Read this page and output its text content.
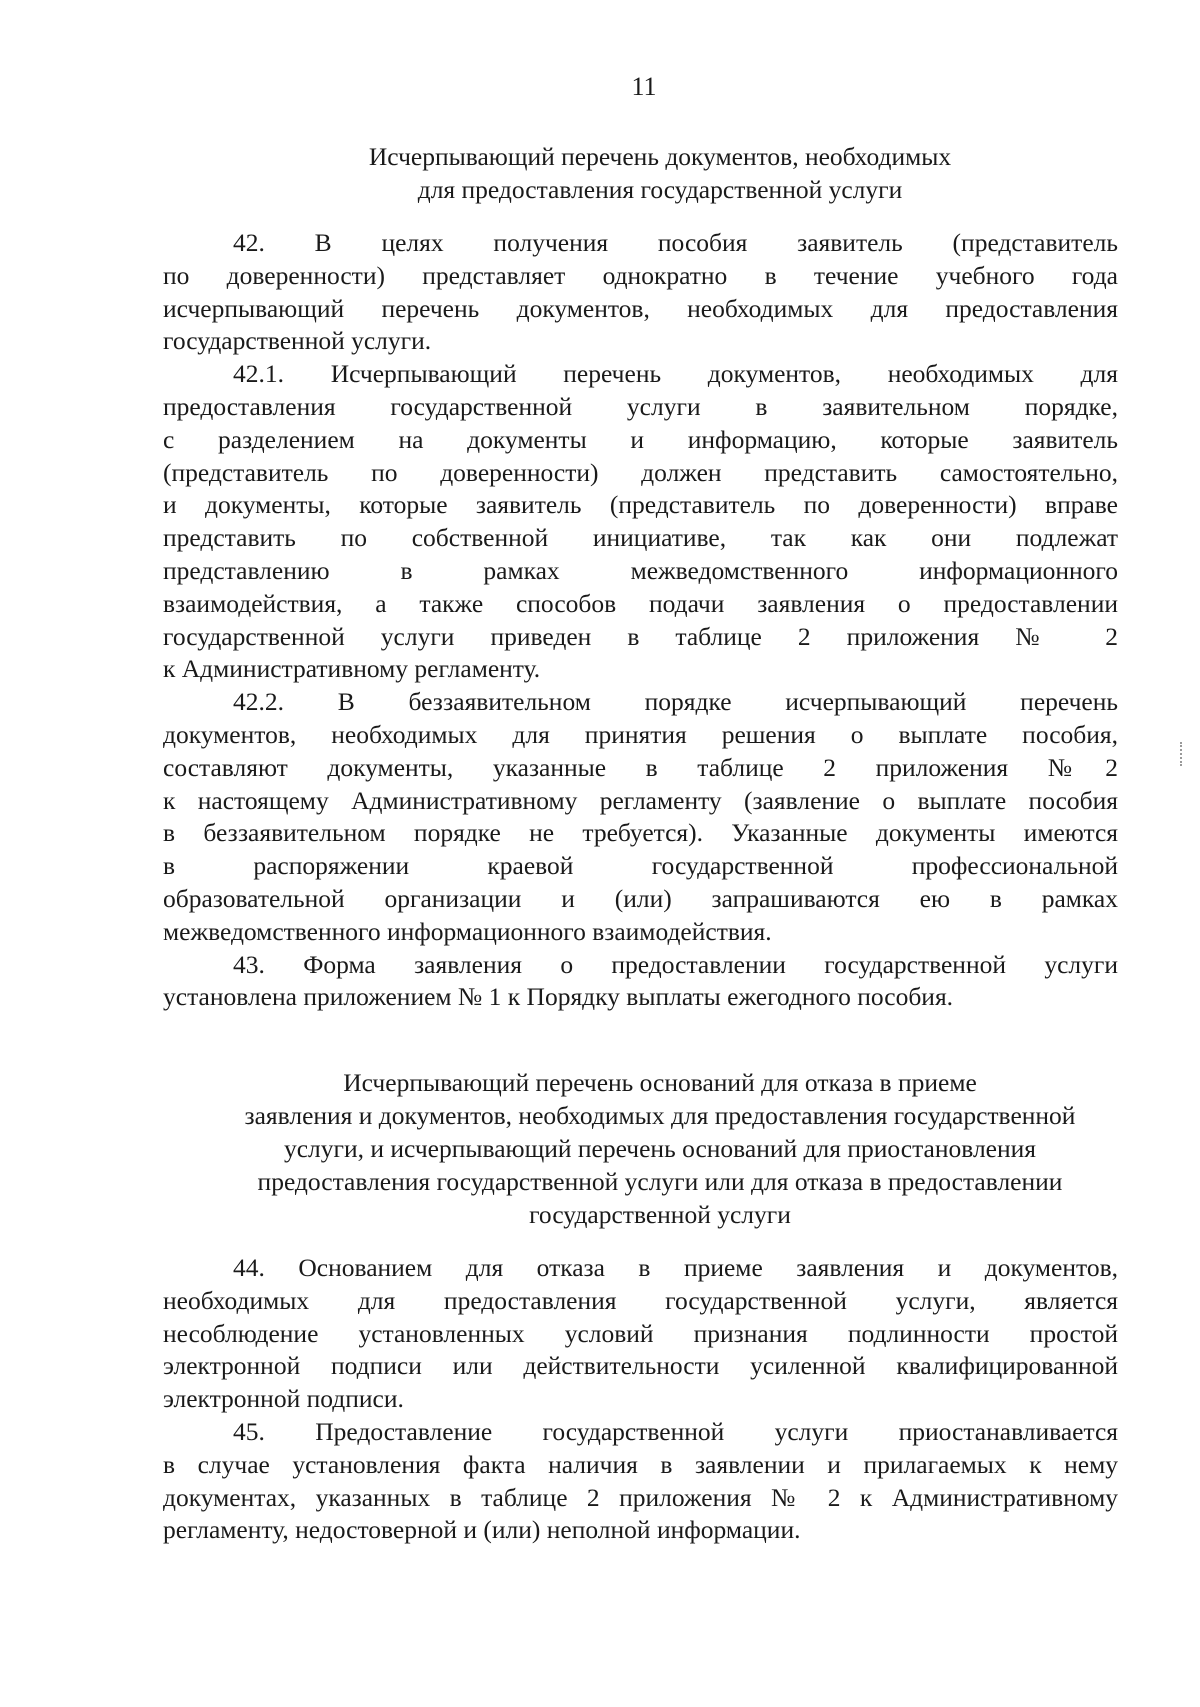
11
Исчерпывающий перечень документов, необходимых
для предоставления государственной услуги

42. В целях получения пособия заявитель (представитель
по доверенности) представляет однократно в течение учебного года
исчерпывающий перечень документов, необходимых для предоставления
государственной услуги.

42.1. Исчерпывающий перечень документов, необходимых для
предоставления государственной услуги в заявительном порядке,
с разделением на документы и информацию, которые заявитель
(представитель по доверенности) должен представить самостоятельно,
и документы, которые заявитель (представитель по доверенности) вправе
представить по собственной инициативе, так как они подлежат
представлению в рамках межведомственного информационного
взаимодействия, а также способов подачи заявления о предоставлении
государственной услуги приведен в таблице 2 приложения № 2
к Административному регламенту.

42.2. В беззаявительном порядке исчерпывающий перечень
документов, необходимых для принятия решения о выплате пособия,
составляют документы, указанные в таблице 2 приложения №2
к настоящему Административному регламенту (заявление о выплате пособия
в беззаявительном порядке не требуется). Указанные документы имеются
в распоряжении краевой государственной профессиональной
образовательной организации и (или) запрашиваются ею в рамках
межведомственного информационного взаимодействия.

43. Форма заявления о предоставлении государственной услуги
установлена приложением № 1 к Порядку выплаты ежегодного пособия.

Исчерпывающий перечень оснований для отказа в приеме
заявления и документов, необходимых для предоставления государственной
услуги, и исчерпывающий перечень оснований для приостановления
предоставления государственной услуги или для отказа в предоставлении
государственной услуги

44. Основанием для отказа в приеме заявления и документов,
необходимых для предоставления государственной услуги, является
несоблюдение установленных условий признания подлинности простой
электронной подписи или действительности усиленной квалифицированной
электронной подписи.

45. Предоставление государственной услуги приостанавливается
в случае установления факта наличия в заявлении и прилагаемых к нему
документах, указанных в таблице 2 приложения № 2 к Административному
регламенту, недостоверной и (или) неполной информации.
